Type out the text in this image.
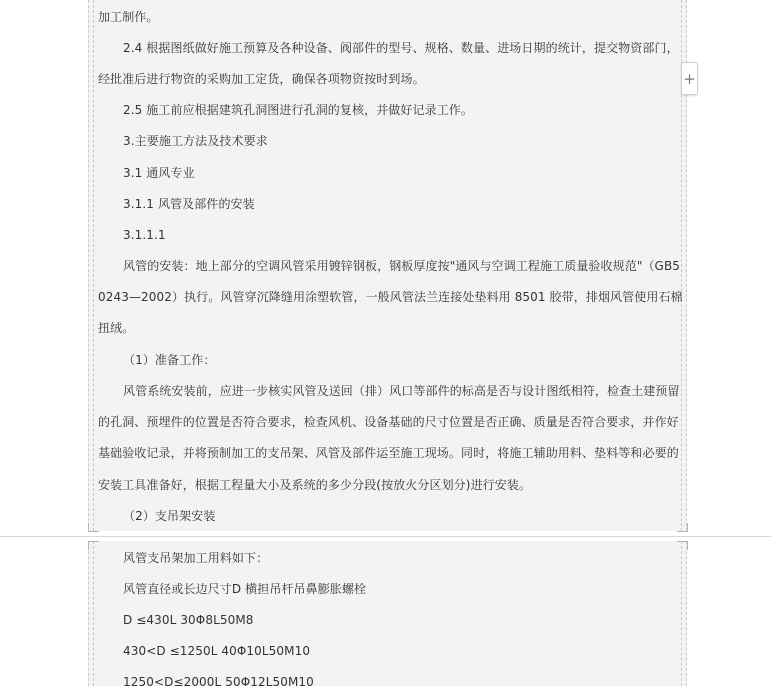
加工制作。
2.4 根据图纸做好施工预算及各种设备、阀部件的型号、规格、数量、进场日期的统计，提交物资部门，
经批准后进行物资的采购加工定货，确保各项物资按时到场。
2.5 施工前应根据建筑孔洞图进行孔洞的复核，并做好记录工作。
3.主要施工方法及技术要求
3.1 通风专业
3.1.1 风管及部件的安装
3.1.1.1
风管的安装：地上部分的空调风管采用镀锌钢板，钢板厚度按"通风与空调工程施工质量验收规范"（GB5
0243—2002）执行。风管穿沉降缝用涂塑软管，一般风管法兰连接处垫料用 8501 胶带，排烟风管使用石棉
扭绒。
（1）准备工作：
风管系统安装前，应进一步核实风管及送回（排）风口等部件的标高是否与设计图纸相符，检查土建预留
的孔洞、预埋件的位置是否符合要求，检查风机、设备基础的尺寸位置是否正确、质量是否符合要求，并作好
基础验收记录，并将预制加工的支吊架、风管及部件运至施工现场。同时，将施工辅助用料、垫料等和必要的
安装工具准备好，根据工程量大小及系统的多少分段(按放火分区划分)进行安装。
（2）支吊架安装
风管支吊架加工用料如下：
风管直径或长边尺寸D 横担吊杆吊鼻膨胀螺栓
D ≤430L 30Φ8L50M8
430<D ≤1250L 40Φ10L50M10
1250<D≤2000L 50Φ12L50M10
+
